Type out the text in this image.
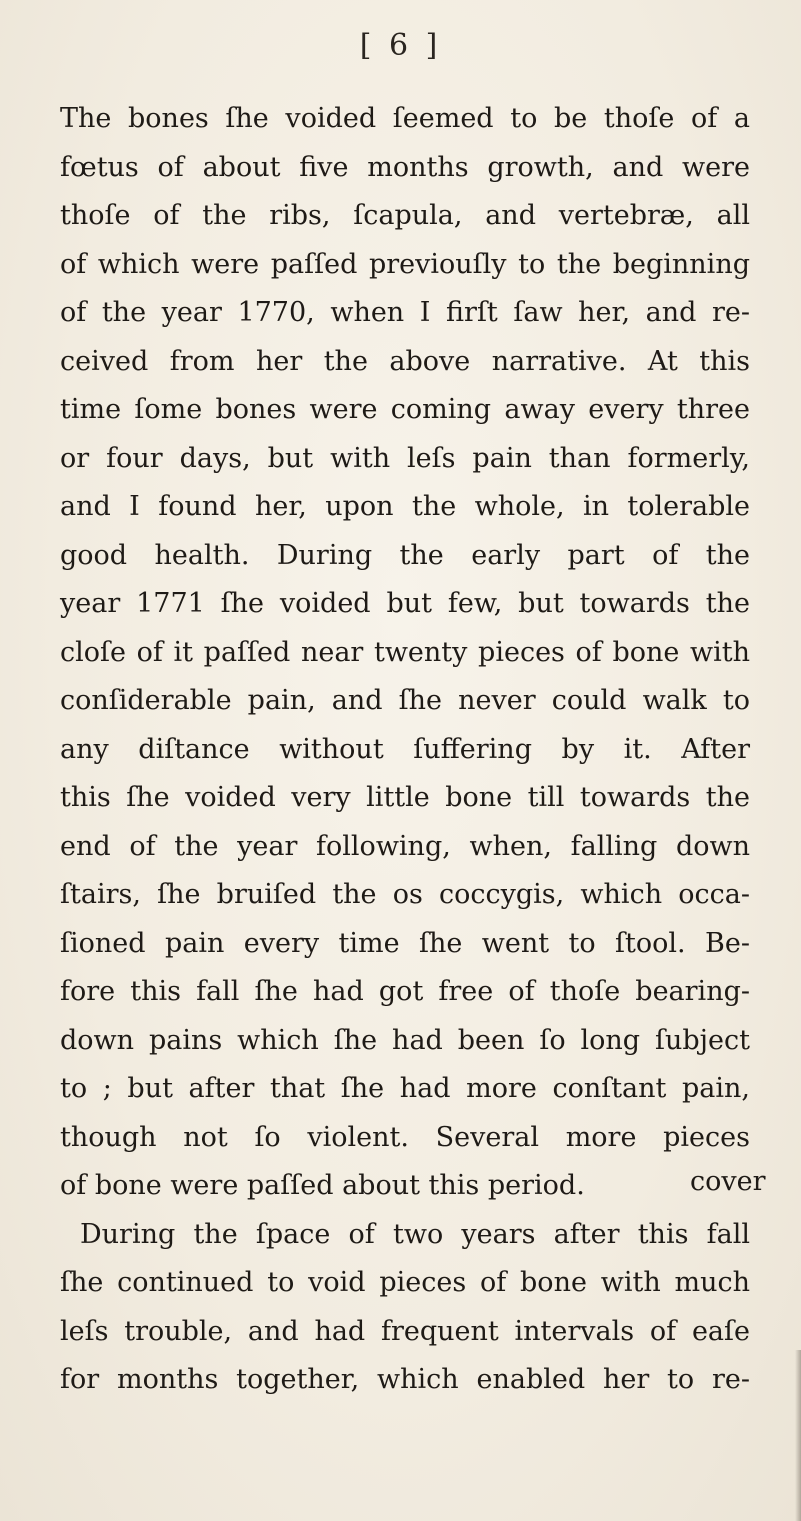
[ 6 ]
The bones ſhe voided ſeemed to be thoſe of a
fœtus of about five months growth, and were
thoſe of the ribs, ſcapula, and vertebræ, all
of which were paſſed previouſly to the beginning
of the year 1770, when I firſt ſaw her, and re-
ceived from her the above narrative. At this
time ſome bones were coming away every three
or four days, but with leſs pain than formerly,
and I found her, upon the whole, in tolerable
good health. During the early part of the
year 1771 ſhe voided but few, but towards the
cloſe of it paſſed near twenty pieces of bone with
conſiderable pain, and ſhe never could walk to
any diſtance without ſuffering by it. After
this ſhe voided very little bone till towards the
end of the year following, when, falling down
ſtairs, ſhe bruiſed the os coccygis, which occa-
ſioned pain every time ſhe went to ſtool. Be-
fore this fall ſhe had got free of thoſe bearing-
down pains which ſhe had been ſo long ſubject
to ; but after that ſhe had more conſtant pain,
though not ſo violent. Several more pieces
of bone were paſſed about this period.
During the ſpace of two years after this fall
ſhe continued to void pieces of bone with much
leſs trouble, and had frequent intervals of eaſe
for months together, which enabled her to re-
cover
